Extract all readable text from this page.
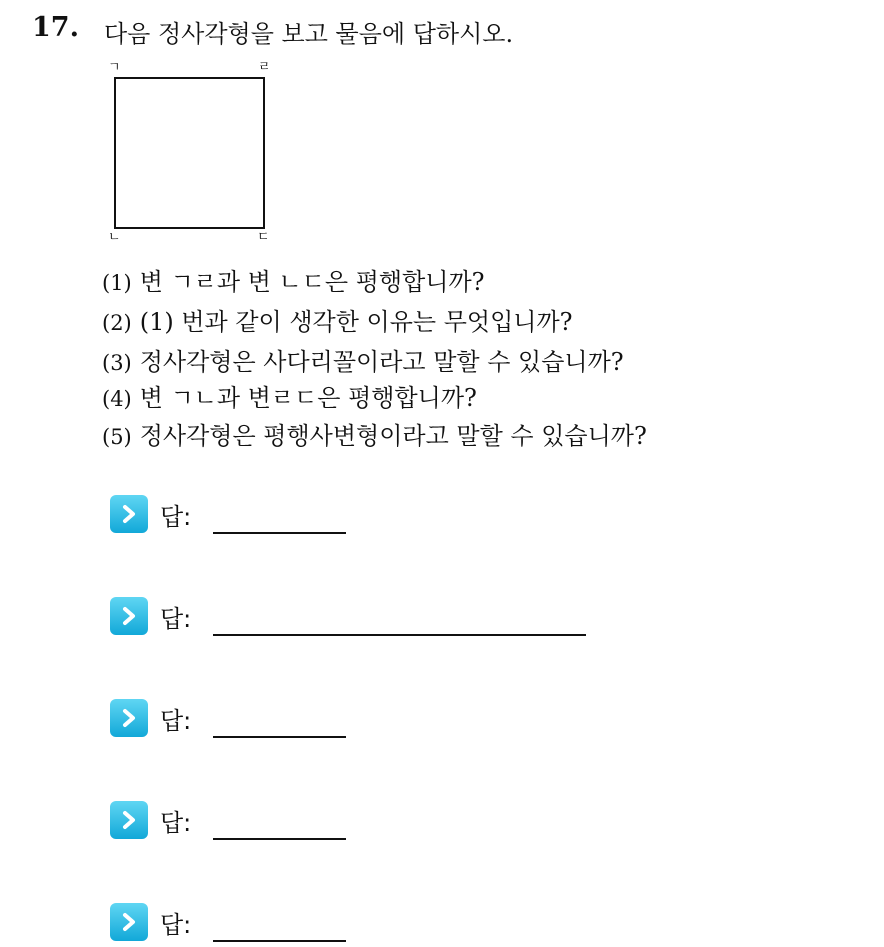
17. 다음 정사각형을 보고 물음에 답하시오.
ㄱ	ㄹ
ㄴ	ㄷ
(1) 변 ㄱㄹ과 변 ㄴㄷ은 평행합니까?
(2) (1) 번과 같이 생각한 이유는 무엇입니까?
(3) 정사각형은 사다리꼴이라고 말할 수 있습니까?
(4) 변 ㄱㄴ과 변ㄹㄷ은 평행합니까?
(5) 정사각형은 평행사변형이라고 말할 수 있습니까?
답:
답:
답:
답:
답:
